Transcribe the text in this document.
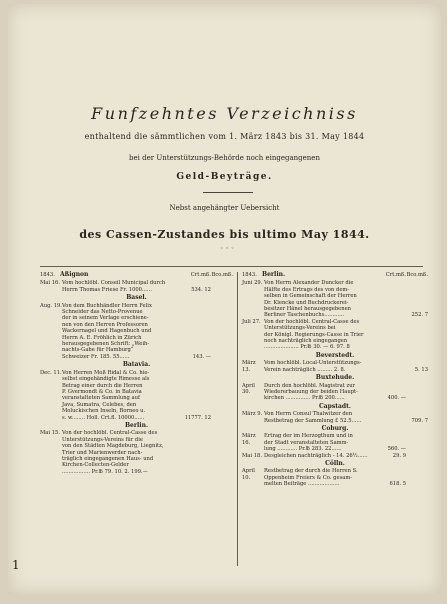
Funfzehntes Verzeichniss
enthaltend die sämmtlichen vom 1. März 1843 bis 31. May 1844
bei der Unterstützungs-Behörde noch eingegangenen
Geld-Beyträge.
Nebst angehängter Uebersicht
des Cassen-Zustandes bis ultimo May 1844.
◦ ◦ ◦
1843. Aßignon	Crt.mß. Bco.mß.
Mai 16. Vom hochlöbl. Conseil Municipal durch
Herrn Thomas Friese Fr. 1000......	534. 12
Basel.
Aug. 19. Von dem Buchhändler Herrn Felix
Schneider das Netto-Provenue
der in seinem Verlage erschiene-
nen von den Herren Professoren
Wackernagel und Hagenbuch und
Herrn A. E. Fröhlich in Zürich
herausgegebenen Schrift: „Weih-
nachts-Gabe für Hamburg“
Schweizer Fr. 185. 55......	143. —
Batavia.
Dec. 11. Von Herren Moß Ridal & Co. hie-
selbst eingehändigte Rimesse als
Betrag einer durch die Herren
P. Gvermondt & Co. in Batavia
veranstalteten Sammlung auf
Java, Sumatra, Celebes, den
Moluckischen Inseln, Borneo u.
s. w........ Holl. Crt.fl. 10000......	11777. 12
Berlin.
Mai 15. Von der hochlöbl. Central-Casse des
Unterstützungs-Vereins für die
von den Städten Magdeburg, Liegnitz,
Trier und Marienwerder nach-
träglich eingegangenen Haus- und
Kirchen-Collecten-Gelder
................. Pr.℔ 79. 10. 2. 199.—
1843. Berlin.	Crt.mß. Bco.mß.
Juni 29. Von Herrn Alexander Duncker die
Hälfte des Ertrags des von dem-
selben in Gemeinschaft der Herren
Dr. Klencke und Buchdruckerei-
besitzer Hänel herausgegebenen
Berliner Taschenbuchs............	252. 7
Juli 27. Von der hochlöbl. Central-Casse des
Unterstützungs-Vereins bei
der Königl. Regierungs-Casse in Trier
noch nachträglich eingegangen
..................... Pr.℔ 30. — 6. 97. 8
Beverstedt.
März 13.
Vom hochlöbl. Local-Unterstützungs-
Verein nachträglich ......... 2. 8.	5. 13
Buxtehude.
April 30.
Durch den hochlöbl. Magistrat zur
Wiedererbauung der beiden Haupt-
kirchen ............... Pr.℔ 200......	400. —
Capstadt.
März 9. Von Herrn Consul Thalwitzer den
Restbetrag der Sammlung £ 52.5......	709. 7
Coburg.
März 16.
Ertrag der im Herzogthum und in
der Stadt veranstalteten Samm-
lung ............ Pr.℔ 283. 22......	560. —
Mai 18. Desgleichen nachträglich - 14. 26½......	29. 9
Cölln.
April 10.
Restbetrag der durch die Herren S.
Oppenheim Freiers & Co. gesam-
melten Beiträge ...................	618. 5
1
